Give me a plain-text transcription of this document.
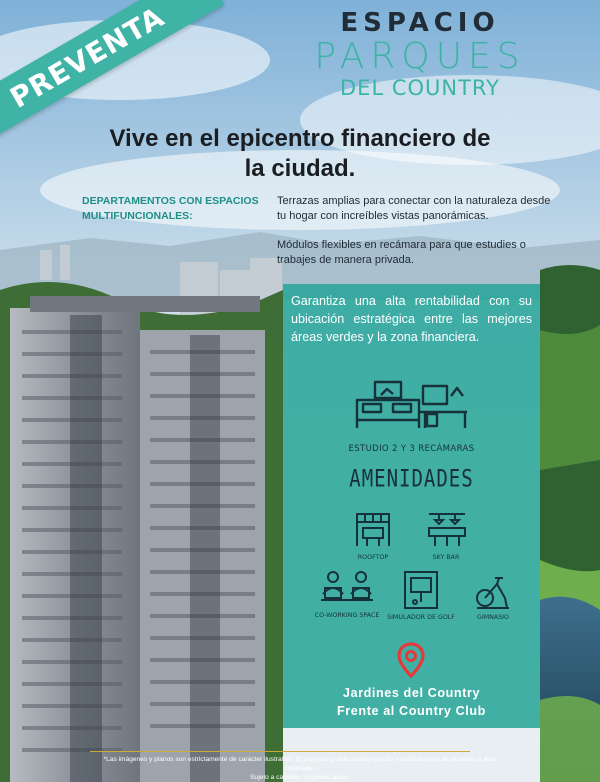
PREVENTA	ESPACIO
PARQUES
DEL COUNTRY
Vive en el epicentro financiero de
la ciudad.
DEPARTAMENTOS CON ESPACIOS
MULTIFUNCIONALES:

Terrazas amplias para conectar con la naturaleza desde tu hogar con increíbles vistas panorámicas.

Módulos flexibles en recámara para que estudies o trabajes de manera privada.

Garantiza una alta rentabilidad con su ubicación estratégica entre las mejores áreas verdes y la zona financiera.
ESTUDIO 2 Y 3 RECÁMARAS
AMENIDADES
ROOFTOP	SKY BAR
CO-WORKING SPACE	SIMULADOR DE GOLF	GIMNASIO
Jardines del Country
Frente al Country Club
*Las imágenes y planos son estrictamente de carácter ilustrativo. El proyecto podrá cambiar y sufrir modificaciones de acuerdo al área notariada.
Sujeto a cambios sin previo aviso.
